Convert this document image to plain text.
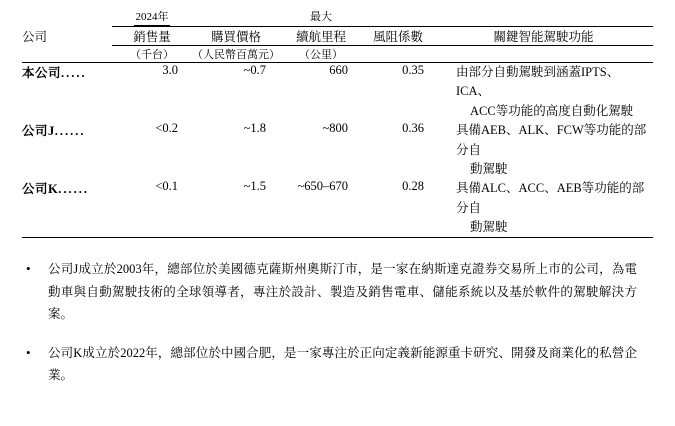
	2024年		最大		
公司	銷售量	購買價格	續航里程	風阻係數	關鍵智能駕駛功能
	（千台）	（人民幣百萬元）	（公里）		

本公司.....	3.0	~0.7	660	0.35	由部分自動駕駛到涵蓋IPTS、ICA、
ACC等功能的高度自動化駕駛

公司J......	<0.2	~1.8	~800	0.36	具備AEB、ALK、FCW等功能的部分自
動駕駛

公司K......	<0.1	~1.5	~650–670	0.28	具備ALC、ACC、AEB等功能的部分自
動駕駛

•	公司J成立於2003年，總部位於美國德克薩斯州奧斯汀市，是一家在納斯達克證券交易所上市的公司，為電動車與自動駕駛技術的全球領導者，專注於設計、製造及銷售電車、儲能系統以及基於軟件的駕駛解決方案。
•	公司K成立於2022年，總部位於中國合肥，是一家專注於正向定義新能源重卡研究、開發及商業化的私營企業。
